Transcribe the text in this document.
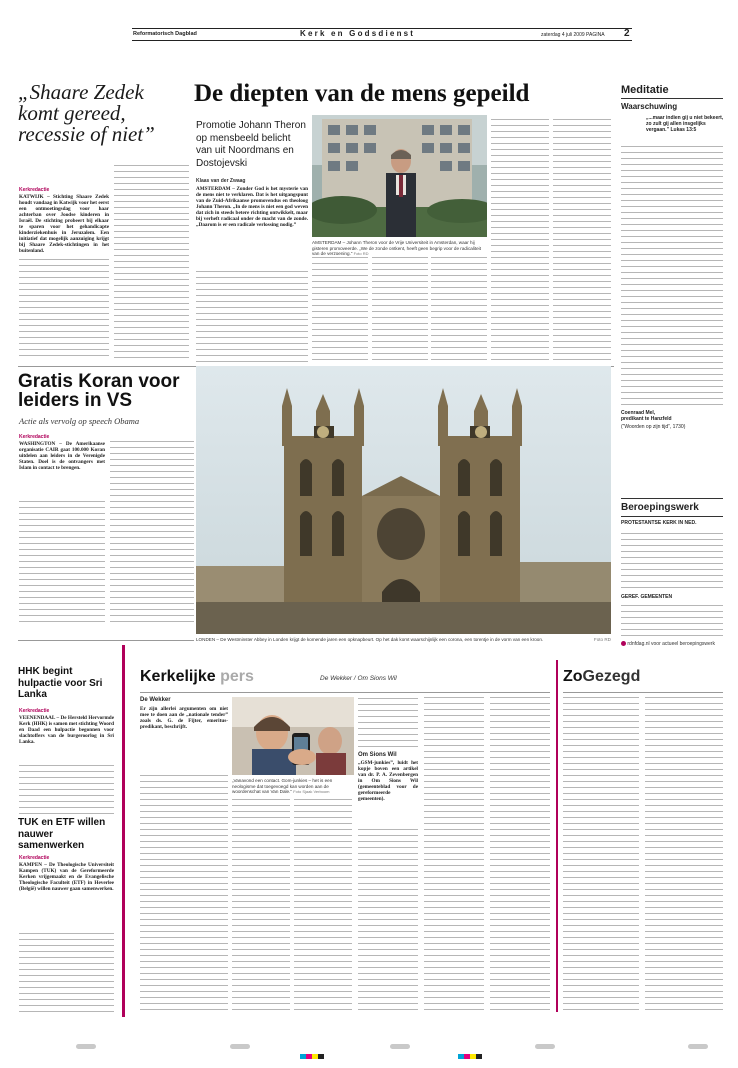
Reformatorisch Dagblad	Kerk en Godsdienst	zaterdag 4 juli 2009 PAGINA 2
„Shaare Zedek komt gereed, recessie of niet”
Kerkredactie
KATWIJK – Stichting Shaare Zedek houdt vandaag in Katwijk voor het eerst een ontmoetingsdag voor haar achterban over Joodse kinderen in Israël. De stichting probeert bij elkaar te sparen voor het gehandicapte kinderziekenhuis in Jeruzalem. Een initiatief dat mogelijk aanzuiging krijgt bij Shaare Zedek-stichtingen in het buitenland.
De diepten van de mens gepeild
Promotie Johann Theron op mensbeeld belicht van uit Noordmans en Dostojevski
Klaas van der Zwaag
AMSTERDAM – Zonder God is het mysterie van de mens niet te verklaren. Dat is het uitgangspunt van de Zuid-Afrikaanse promovendus en theoloog Johann Theron. „In de mens is niet een god weven dat zich in steeds betere richting ontwikkelt, maar bij verheft radicaal onder de macht van de zonde. „Daarom is er een radicale verlossing nodig.”
AMSTERDAM – Johann Theron voor de Vrije Universiteit in Amsterdan, waar hij gisteren promoveerde. „We de zonde ontkent, heeft geen begrip voor de radicaliteit van de verzoening.” Foto RD
Gratis Koran voor leiders in VS
Actie als vervolg op speech Obama
Kerkredactie
WASHINGTON – De Amerikaanse organisatie CAIR gaat 100.000 Koran uitdelen aan leiders in de Verenigde Staten. Doel is de ontvangers met Islam in contact te brengen.
LONDEN – De Westminster Abbey in Londen krijgt de komende jaren een opknapbeurt. Op het dak komt waarschijnlijk een corona, een torentje in de vorm van een kroon.	Foto RD
HHK begint hulpactie voor Sri Lanka
Kerkredactie
VEENENDAAL – De Hersteld Hervormde Kerk (HHK) is samen met stichting Woord en Daad een hulpactie begonnen voor slachtoffers van de burgeroorlog in Sri Lanka.
TUK en ETF willen nauwer samenwerken
Kerkredactie
KAMPEN – De Theologische Universiteit Kampen (TUK) van de Gereformeerde Kerken vrijgemaakt en de Evangelische Theologische Faculteit (ETF) in Heverlee (België) willen nauwer gaan samenwerken.
Kerkelijke pers	De Wekker / Om Sions Wil
De Wekker
Er zijn allerlei argumenten om niet mee te doen aan de „nationale tender” zoals ds. G. de Fijter, emeritus-predikant, beschrijft.
„Vanavond een contact. Gom-junkies – het is een neologisme dat toegevoegd kan worden aan de woordenschat van Van Dale.” Foto Sjaak Verboom
Om Sions Wil
„GSM-junkies”, luidt het kopje boven een artikel van dr. P. A. Zevenbergen in Om Sions Wil (gemeenteblad voor de gereformeerde gemeenten).
ZoGezegd
Meditatie
Waarschuwing
„...maar indien gij u niet bekeert, zo zult gij allen insgelijks vergaan.” Lukas 13:5
Coenraad Mel,
predikant te Hanzfeld
(“Woorden op zijn tijd”, 1730)
Beroepingswerk
PROTESTANTSE KERK IN NED.
GEREF. GEMEENTEN
rdnfdag.nl voor actueel beroepingswerk
